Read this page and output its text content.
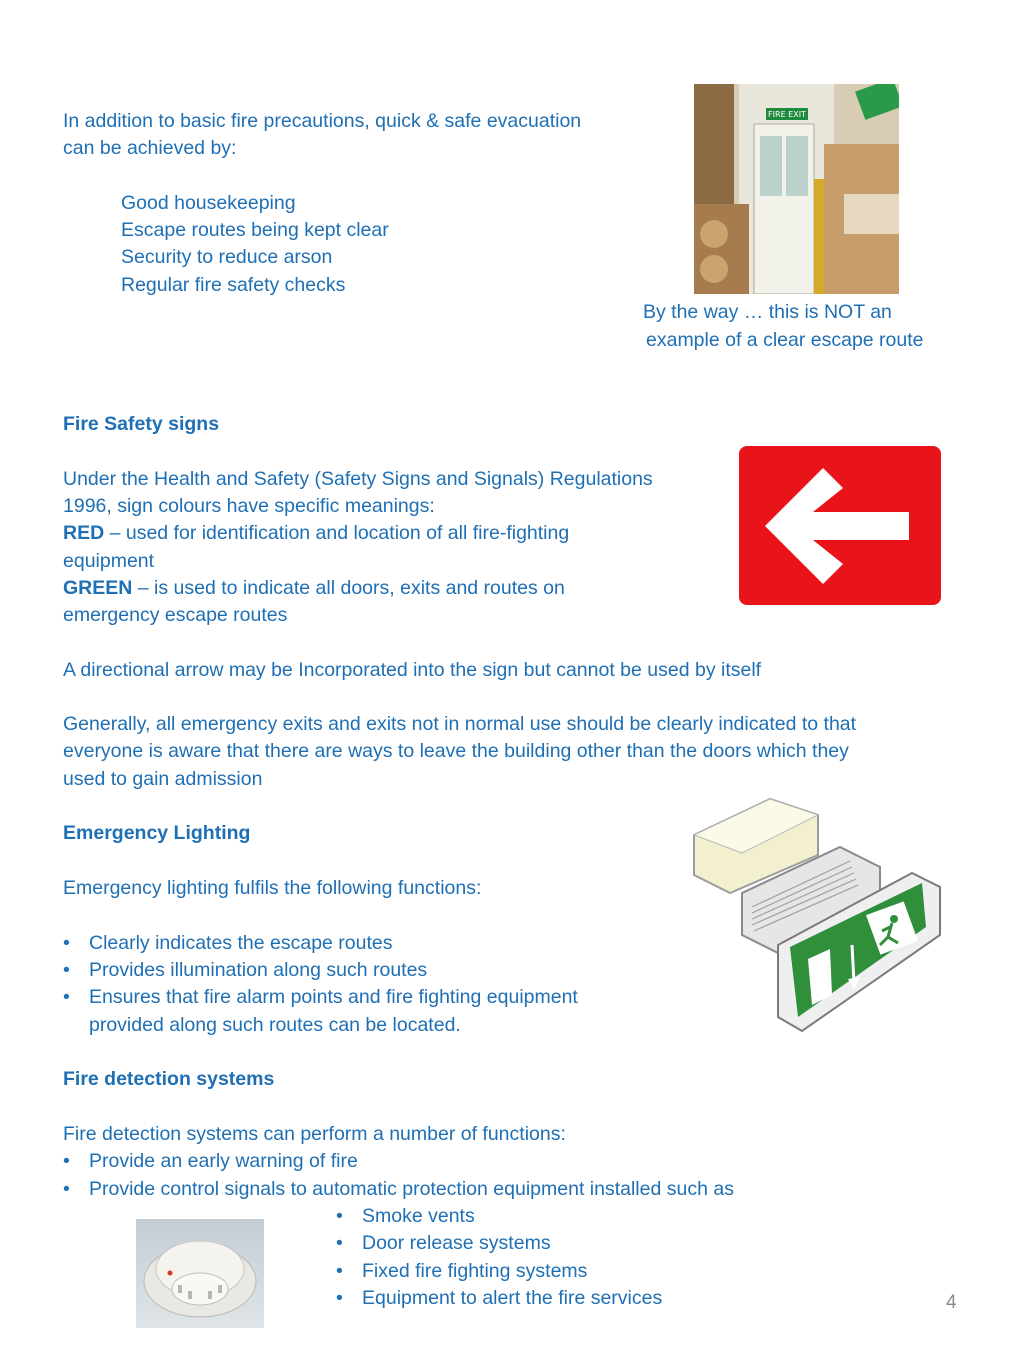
In addition to basic fire precautions, quick & safe evacuation
can be achieved by:
Good housekeeping
Escape routes being kept clear
Security to reduce arson
Regular fire safety checks
FIRE EXIT
By the way … this is NOT an
example of a clear escape route
Fire Safety signs
Under the Health and Safety (Safety Signs and Signals) Regulations
1996, sign colours have specific meanings:
RED – used for identification and location of all fire-fighting
equipment
GREEN – is used to indicate all doors, exits and routes on
emergency escape routes
A directional arrow may be Incorporated into the sign but cannot be used by itself
Generally, all emergency exits and exits not in normal use should be clearly indicated to that
everyone is aware that there are ways to leave the building other than the doors which they
used to gain admission
Emergency Lighting
Emergency lighting fulfils the following functions:
• Clearly indicates the escape routes
• Provides illumination along such routes
• Ensures that fire alarm points and fire fighting equipment
provided along such routes can be located.
Fire detection systems
Fire detection systems can perform a number of functions:
• Provide an early warning of fire
• Provide control signals to automatic protection equipment installed such as
• Smoke vents
• Door release systems
• Fixed fire fighting systems
• Equipment to alert the fire services	4
